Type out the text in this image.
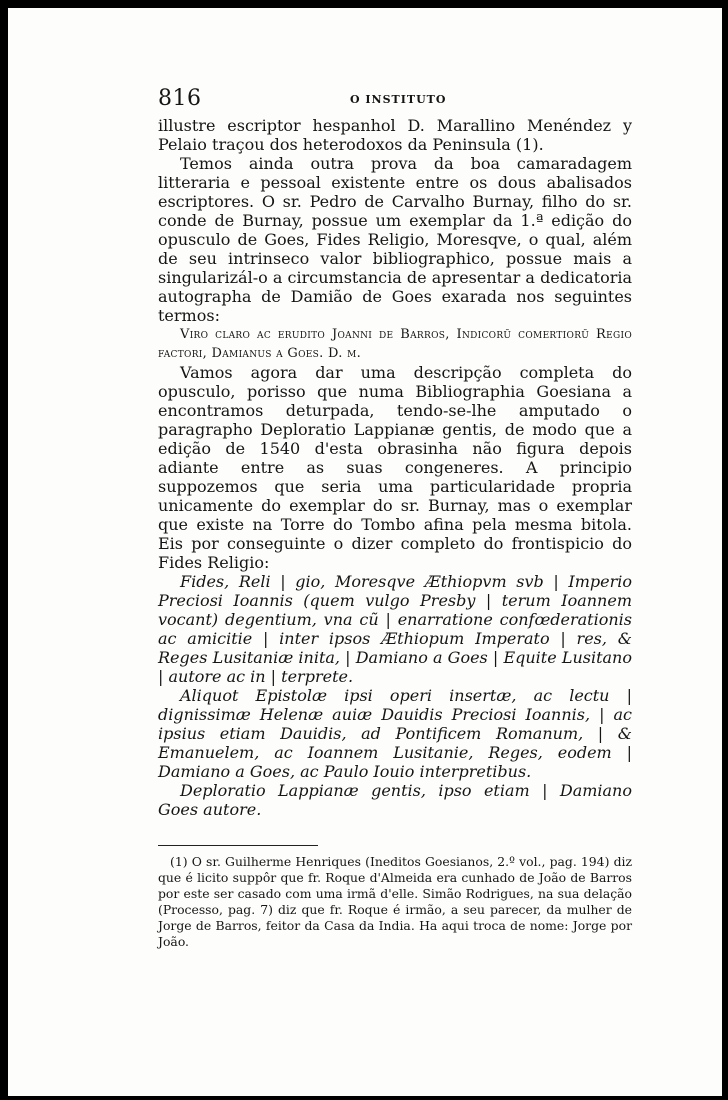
816	O INSTITUTO

illustre escriptor hespanhol D. Marallino Menéndez y Pelaio traçou dos heterodoxos da Peninsula (1).

Temos ainda outra prova da boa camaradagem litteraria e pessoal existente entre os dous abalisados escriptores. O sr. Pedro de Carvalho Burnay, filho do sr. conde de Burnay, possue um exemplar da 1.ª edição do opusculo de Goes, Fides Religio, Moresqve, o qual, além de seu intrinseco valor bibliographico, possue mais a singularizál-o a circumstancia de apresentar a dedicatoria autographa de Damião de Goes exarada nos seguintes termos:

Viro claro ac erudito Joanni de Barros, Indicorũ comertiorũ Regio factori, Damianus a Goes. D. m.

Vamos agora dar uma descripção completa do opusculo, porisso que numa Bibliographia Goesiana a encontramos deturpada, tendo-se-lhe amputado o paragrapho Deploratio Lappianæ gentis, de modo que a edição de 1540 d'esta obrasinha não figura depois adiante entre as suas congeneres. A principio suppozemos que seria uma particularidade propria unicamente do exemplar do sr. Burnay, mas o exemplar que existe na Torre do Tombo afina pela mesma bitola. Eis por conseguinte o dizer completo do frontispicio do Fides Religio:

Fides, Reli | gio, Moresqve Æthiopvm svb | Imperio Preciosi Ioannis (quem vulgo Presby | terum Ioannem vocant) degentium, vna cũ | enarratione confœderationis ac amicitie | inter ipsos Æthiopum Imperato | res, & Reges Lusitaniæ inita, | Damiano a Goes | Equite Lusitano | autore ac in | terprete.

Aliquot Epistolæ ipsi operi insertæ, ac lectu | dignissimæ Helenæ auiæ Dauidis Preciosi Ioannis, | ac ipsius etiam Dauidis, ad Pontificem Romanum, | & Emanuelem, ac Ioannem Lusitanie, Reges, eodem | Damiano a Goes, ac Paulo Iouio interpretibus.

Deploratio Lappianæ gentis, ipso etiam | Damiano Goes autore.

(1) O sr. Guilherme Henriques (Ineditos Goesianos, 2.º vol., pag. 194) diz que é licito suppôr que fr. Roque d'Almeida era cunhado de João de Barros por este ser casado com uma irmã d'elle. Simão Rodrigues, na sua delação (Processo, pag. 7) diz que fr. Roque é irmão, a seu parecer, da mulher de Jorge de Barros, feitor da Casa da India. Ha aqui troca de nome: Jorge por João.
